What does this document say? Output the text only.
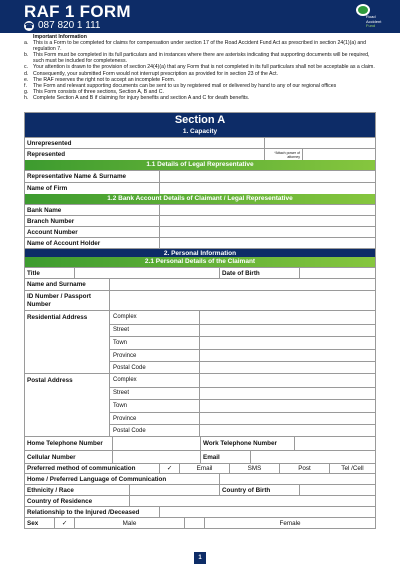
RAF 1 FORM
☎ 087 820 1 111
Road
Accident
Fund
Important Information
a. This is a Form to be completed for claims for compensation under section 17 of the Road Accident Fund Act as prescribed in section 24(1)(a) and regulation 7.
b. This Form must be completed in its full particulars and in instances where there are asterisks indicating that supporting documents will be required, such must be included for completeness.
c. Your attention is drawn to the provision of section 24(4)(a) that any Form that is not completed in its full particulars shall not be acceptable as a claim.
d. Consequently, your submitted Form would not interrupt prescription as provided for in section 23 of the Act.
e. The RAF reserves the right not to accept an incomplete Form.
f.	The Form and relevant supporting documents can be sent to us by registered mail or delivered by hand to any of our regional offices
g. This Form consists of three sections, Section A, B and C.
h. Complete Section A and B if claiming for injury benefits and section A and C for death benefits.
Section A
1. Capacity
Unrepresented
Represented	*Attach power of attorney
1.1 Details of Legal Representative
Representative Name & Surname
Name of Firm
1.2 Bank Account Details of Claimant / Legal Representative
Bank Name
Branch Number
Account Number
Name of Account Holder
2. Personal Information
2.1 Personal Details of the Claimant
Title	Date of Birth
Name and Surname
ID Number / Passport Number
Residential Address	Complex
Street
Town
Province
Postal Code
Postal Address	Complex
Street
Town
Province
Postal Code
Home Telephone Number	Work Telephone Number
Cellular Number	Email
Preferred method of communication	✓	Email	SMS	Post	Tel /Cell
Home / Preferred Language of Communication
Ethnicity / Race	Country of Birth
Country of Residence
Relationship to the Injured /Deceased
Sex	✓	Male	Female
1
